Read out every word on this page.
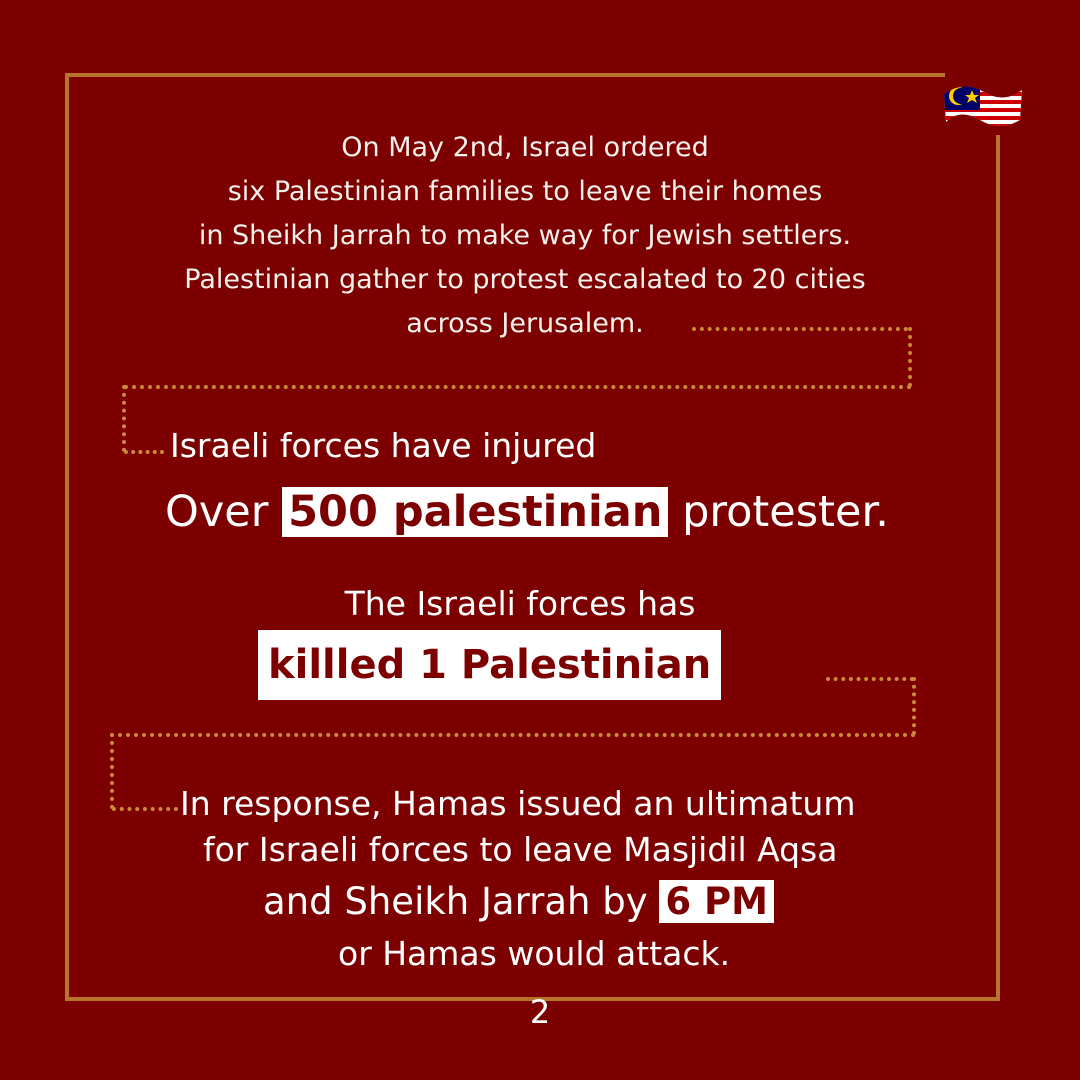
On May 2nd, Israel ordered
six Palestinian families to leave their homes
in Sheikh Jarrah to make way for Jewish settlers.
Palestinian gather to protest escalated to 20 cities
across Jerusalem.
Israeli forces have injured
Over 500 palestinian protester.
The Israeli forces has
killled 1 Palestinian
In response, Hamas issued an ultimatum
for Israeli forces to leave Masjidil Aqsa
and Sheikh Jarrah by 6 PM
or Hamas would attack.
2
